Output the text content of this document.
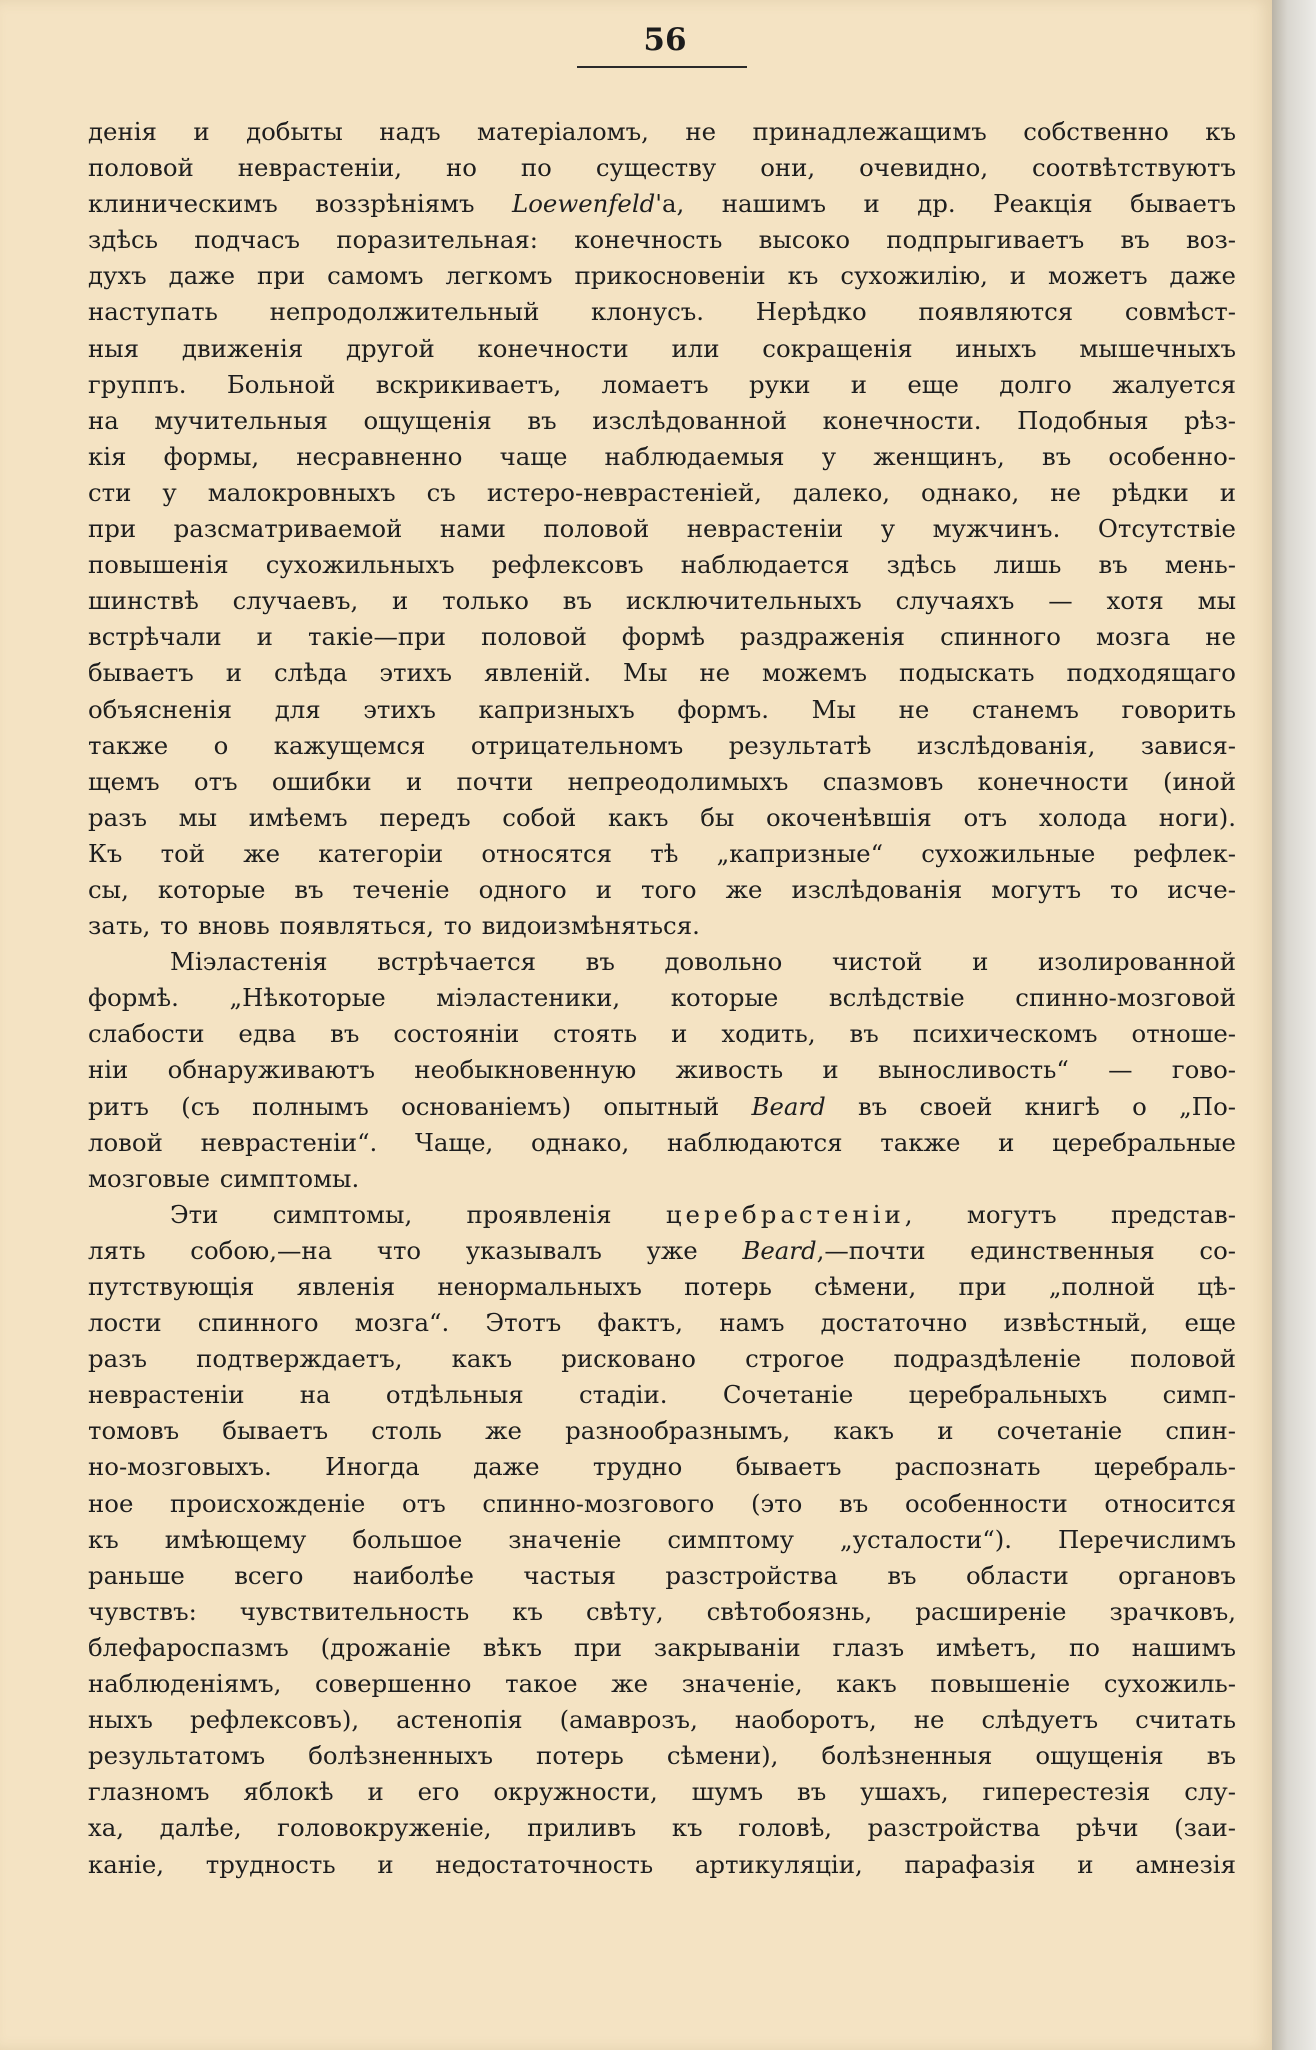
56
денія и добыты надъ матеріаломъ, не принадлежащимъ собственно къ
половой неврастеніи, но по существу они, очевидно, соотвѣтствуютъ
клиническимъ воззрѣніямъ Loewenfeld'а, нашимъ и др. Реакція бываетъ
здѣсь подчасъ поразительная: конечность высоко подпрыгиваетъ въ воз-
духъ даже при самомъ легкомъ прикосновеніи къ сухожилію, и можетъ даже
наступать непродолжительный клонусъ. Нерѣдко появляются совмѣст-
ныя движенія другой конечности или сокращенія иныхъ мышечныхъ
группъ. Больной вскрикиваетъ, ломаетъ руки и еще долго жалуется
на мучительныя ощущенія въ изслѣдованной конечности. Подобныя рѣз-
кія формы, несравненно чаще наблюдаемыя у женщинъ, въ особенно-
сти у малокровныхъ съ истеро-неврастеніей, далеко, однако, не рѣдки и
при разсматриваемой нами половой неврастеніи у мужчинъ. Отсутствіе
повышенія сухожильныхъ рефлексовъ наблюдается здѣсь лишь въ мень-
шинствѣ случаевъ, и только въ исключительныхъ случаяхъ — хотя мы
встрѣчали и такіе—при половой формѣ раздраженія спинного мозга не
бываетъ и слѣда этихъ явленій. Мы не можемъ подыскать подходящаго
объясненія для этихъ капризныхъ формъ. Мы не станемъ говорить
также о кажущемся отрицательномъ результатѣ изслѣдованія, завися-
щемъ отъ ошибки и почти непреодолимыхъ спазмовъ конечности (иной
разъ мы имѣемъ передъ собой какъ бы окоченѣвшія отъ холода ноги).
Къ той же категоріи относятся тѣ „капризные“ сухожильные рефлек-
сы, которые въ теченіе одного и того же изслѣдованія могутъ то исче-
зать, то вновь появляться, то видоизмѣняться.
Міэластенія встрѣчается въ довольно чистой и изолированной
формѣ. „Нѣкоторые міэластеники, которые вслѣдствіе спинно-мозговой
слабости едва въ состояніи стоять и ходить, въ психическомъ отноше-
ніи обнаруживаютъ необыкновенную живость и выносливость“ — гово-
ритъ (съ полнымъ основаніемъ) опытный Beard въ своей книгѣ о „По-
ловой неврастеніи“. Чаще, однако, наблюдаются также и церебральные
мозговые симптомы.
Эти симптомы, проявленія церебрастеніи, могутъ представ-
лять собою,—на что указывалъ уже Beard,—почти единственныя со-
путствующія явленія ненормальныхъ потерь сѣмени, при „полной цѣ-
лости спинного мозга“. Этотъ фактъ, намъ достаточно извѣстный, еще
разъ подтверждаетъ, какъ рисковано строгое подраздѣленіе половой
неврастеніи на отдѣльныя стадіи. Сочетаніе церебральныхъ симп-
томовъ бываетъ столь же разнообразнымъ, какъ и сочетаніе спин-
но-мозговыхъ. Иногда даже трудно бываетъ распознать церебраль-
ное происхожденіе отъ спинно-мозгового (это въ особенности относится
къ имѣющему большое значеніе симптому „усталости“). Перечислимъ
раньше всего наиболѣе частыя разстройства въ области органовъ
чувствъ: чувствительность къ свѣту, свѣтобоязнь, расширеніе зрачковъ,
блефароспазмъ (дрожаніе вѣкъ при закрываніи глазъ имѣетъ, по нашимъ
наблюденіямъ, совершенно такое же значеніе, какъ повышеніе сухожиль-
ныхъ рефлексовъ), астенопія (амаврозъ, наоборотъ, не слѣдуетъ считать
результатомъ болѣзненныхъ потерь сѣмени), болѣзненныя ощущенія въ
глазномъ яблокѣ и его окружности, шумъ въ ушахъ, гиперестезія слу-
ха, далѣе, головокруженіе, приливъ къ головѣ, разстройства рѣчи (заи-
каніе, трудность и недостаточность артикуляціи, парафазія и амнезія
